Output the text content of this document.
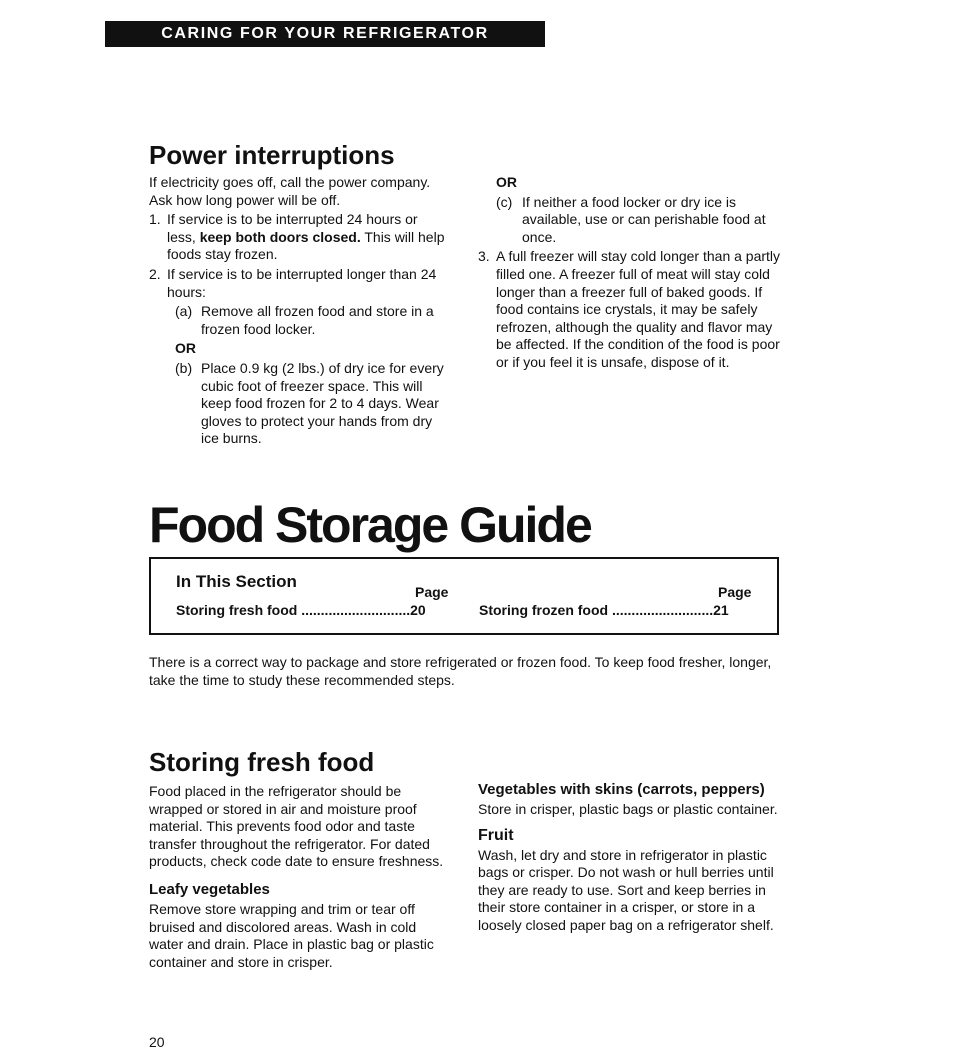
CARING FOR YOUR REFRIGERATOR
Power interruptions

If electricity goes off, call the power company. Ask how long power will be off.

1. If service is to be interrupted 24 hours or less, keep both doors closed. This will help foods stay frozen.
2. If service is to be interrupted longer than 24 hours:
(a) Remove all frozen food and store in a frozen food locker.
OR
(b) Place 0.9 kg (2 lbs.) of dry ice for every cubic foot of freezer space. This will keep food frozen for 2 to 4 days. Wear gloves to protect your hands from dry ice burns.
OR
(c) If neither a food locker or dry ice is available, use or can perishable food at once.
3. A full freezer will stay cold longer than a partly filled one. A freezer full of meat will stay cold longer than a freezer full of baked goods. If food contains ice crystals, it may be safely refrozen, although the quality and flavor may be affected. If the condition of the food is poor or if you feel it is unsafe, dispose of it.
Food Storage Guide
In This Section
Page	Page
Storing fresh food ............................20	Storing frozen food ..........................21

There is a correct way to package and store refrigerated or frozen food. To keep food fresher, longer, take the time to study these recommended steps.

Storing fresh food

Food placed in the refrigerator should be wrapped or stored in air and moisture proof material. This prevents food odor and taste transfer throughout the refrigerator. For dated products, check code date to ensure freshness.

Leafy vegetables

Remove store wrapping and trim or tear off bruised and discolored areas. Wash in cold water and drain. Place in plastic bag or plastic container and store in crisper.

Vegetables with skins (carrots, peppers)

Store in crisper, plastic bags or plastic container.

Fruit

Wash, let dry and store in refrigerator in plastic bags or crisper. Do not wash or hull berries until they are ready to use. Sort and keep berries in their store container in a crisper, or store in a loosely closed paper bag on a refrigerator shelf.

20
